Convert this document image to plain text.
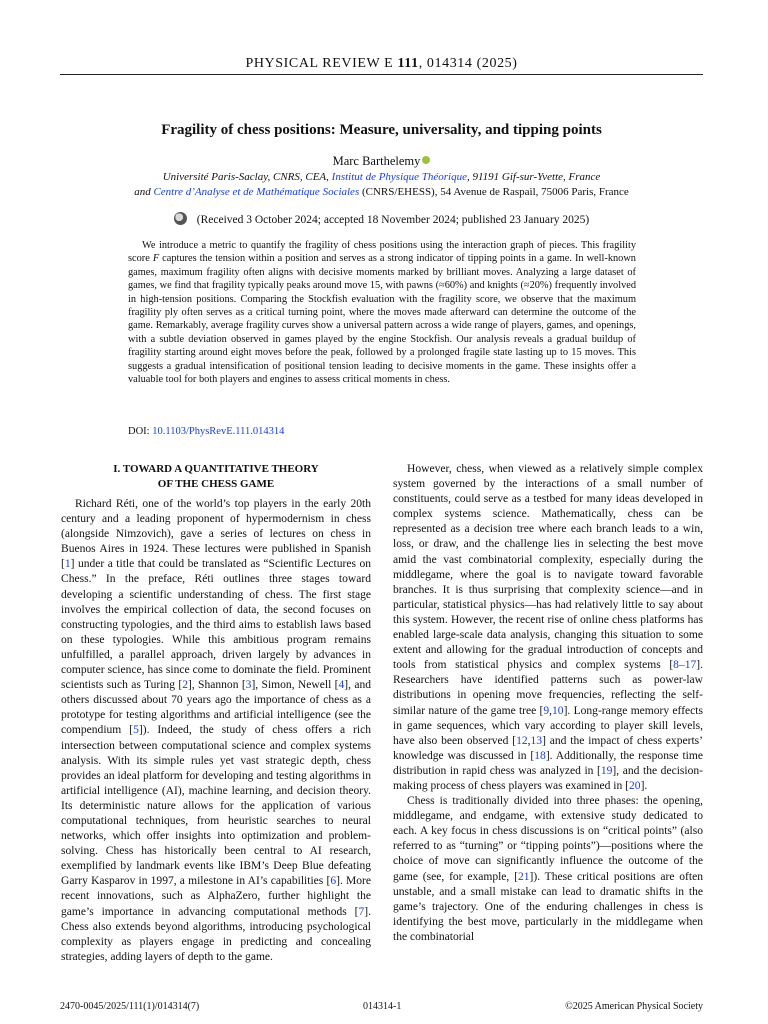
PHYSICAL REVIEW E 111, 014314 (2025)
Fragility of chess positions: Measure, universality, and tipping points
Marc Barthelemy
Université Paris-Saclay, CNRS, CEA, Institut de Physique Théorique, 91191 Gif-sur-Yvette, France
and Centre d’Analyse et de Mathématique Sociales (CNRS/EHESS), 54 Avenue de Raspail, 75006 Paris, France
(Received 3 October 2024; accepted 18 November 2024; published 23 January 2025)

We introduce a metric to quantify the fragility of chess positions using the interaction graph of pieces. This fragility score F captures the tension within a position and serves as a strong indicator of tipping points in a game. In well-known games, maximum fragility often aligns with decisive moments marked by brilliant moves. Analyzing a large dataset of games, we find that fragility typically peaks around move 15, with pawns (≈60%) and knights (≈20%) frequently involved in high-tension positions. Comparing the Stockfish evaluation with the fragility score, we observe that the maximum fragility ply often serves as a critical turning point, where the moves made afterward can determine the outcome of the game. Remarkably, average fragility curves show a universal pattern across a wide range of players, games, and openings, with a subtle deviation observed in games played by the engine Stockfish. Our analysis reveals a gradual buildup of fragility starting around eight moves before the peak, followed by a prolonged fragile state lasting up to 15 moves. This suggests a gradual intensification of positional tension leading to decisive moments in the game. These insights offer a valuable tool for both players and engines to assess critical moments in chess.

DOI: 10.1103/PhysRevE.111.014314
I. TOWARD A QUANTITATIVE THEORY
OF THE CHESS GAME

Richard Réti, one of the world’s top players in the early 20th century and a leading proponent of hypermodernism in chess (alongside Nimzovich), gave a series of lectures on chess in Buenos Aires in 1924. These lectures were published in Spanish [1] under a title that could be translated as “Scientific Lectures on Chess.” In the preface, Réti outlines three stages toward developing a scientific understanding of chess. The first stage involves the empirical collection of data, the second focuses on constructing typologies, and the third aims to establish laws based on these typologies. While this ambitious program remains unfulfilled, a parallel approach, driven largely by advances in computer science, has since come to dominate the field. Prominent scientists such as Turing [2], Shannon [3], Simon, Newell [4], and others discussed about 70 years ago the importance of chess as a prototype for testing algorithms and artificial intelligence (see the compendium [5]). Indeed, the study of chess offers a rich intersection between computational science and complex systems analysis. With its simple rules yet vast strategic depth, chess provides an ideal platform for developing and testing algorithms in artificial intelligence (AI), machine learning, and decision theory. Its deterministic nature allows for the application of various computational techniques, from heuristic searches to neural networks, which offer insights into optimization and problem-solving. Chess has historically been central to AI research, exemplified by landmark events like IBM’s Deep Blue defeating Garry Kasparov in 1997, a milestone in AI’s capabilities [6]. More recent innovations, such as AlphaZero, further highlight the game’s importance in advancing computational methods [7]. Chess also extends beyond algorithms, introducing psychological complexity as players engage in predicting and concealing strategies, adding layers of depth to the game.

However, chess, when viewed as a relatively simple complex system governed by the interactions of a small number of constituents, could serve as a testbed for many ideas developed in complex systems science. Mathematically, chess can be represented as a decision tree where each branch leads to a win, loss, or draw, and the challenge lies in selecting the best move amid the vast combinatorial complexity, especially during the middlegame, where the goal is to navigate toward favorable branches. It is thus surprising that complexity science—and in particular, statistical physics—has had relatively little to say about this system. However, the recent rise of online chess platforms has enabled large-scale data analysis, changing this situation to some extent and allowing for the gradual introduction of concepts and tools from statistical physics and complex systems [8–17]. Researchers have identified patterns such as power-law distributions in opening move frequencies, reflecting the self-similar nature of the game tree [9,10]. Long-range memory effects in game sequences, which vary according to player skill levels, have also been observed [12,13] and the impact of chess experts’ knowledge was discussed in [18]. Additionally, the response time distribution in rapid chess was analyzed in [19], and the decision-making process of chess players was examined in [20].

Chess is traditionally divided into three phases: the opening, middlegame, and endgame, with extensive study dedicated to each. A key focus in chess discussions is on “critical points” (also referred to as “turning” or “tipping points”)—positions where the choice of move can significantly influence the outcome of the game (see, for example, [21]). These critical positions are often unstable, and a small mistake can lead to dramatic shifts in the game’s trajectory. One of the enduring challenges in chess is identifying the best move, particularly in the middlegame when the combinatorial

2470-0045/2025/111(1)/014314(7)	014314-1	©2025 American Physical Society
